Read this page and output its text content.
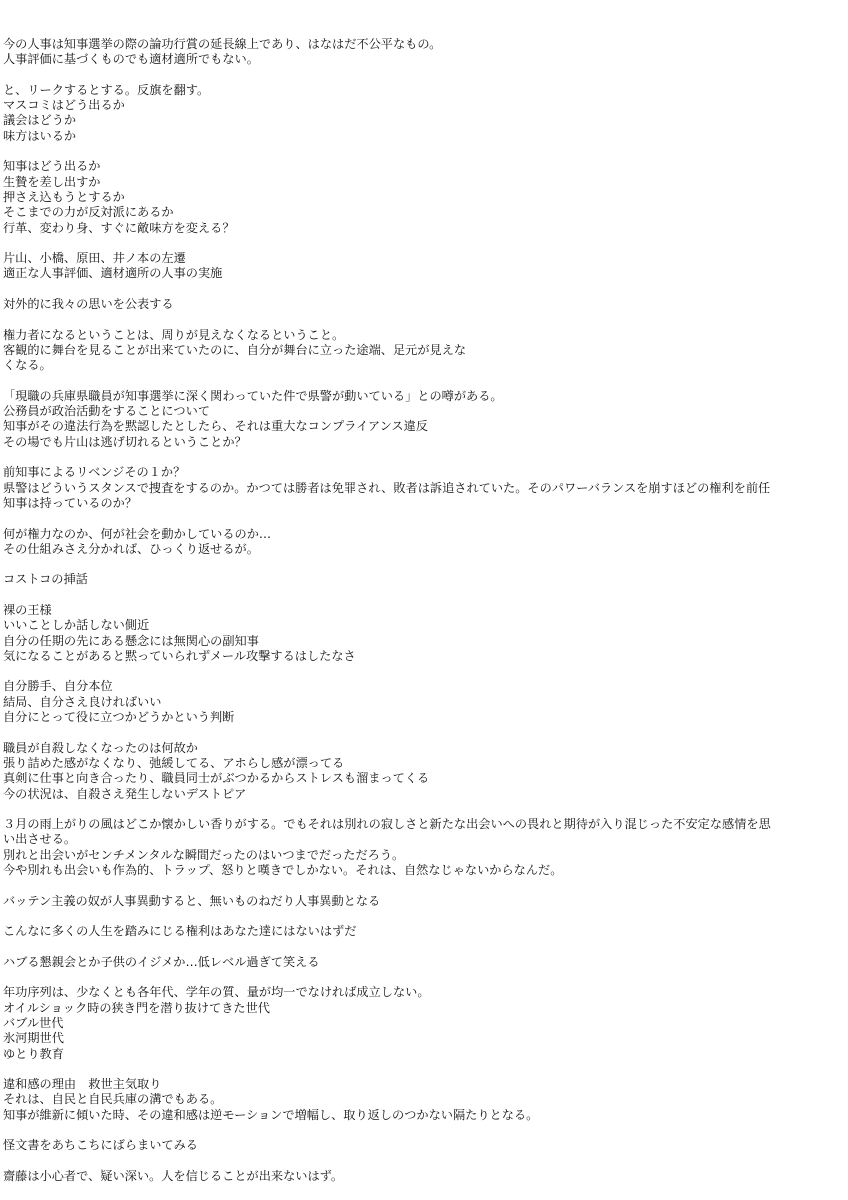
今の人事は知事選挙の際の論功行賞の延長線上であり、はなはだ不公平なもの。
人事評価に基づくものでも適材適所でもない。
と、リークするとする。反旗を翻す。
マスコミはどう出るか
議会はどうか
味方はいるか
知事はどう出るか
生贄を差し出すか
押さえ込もうとするか
そこまでの力が反対派にあるか
行革、変わり身、すぐに敵味方を変える？
片山、小橋、原田、井ノ本の左遷
適正な人事評価、適材適所の人事の実施
対外的に我々の思いを公表する
権力者になるということは、周りが見えなくなるということ。
客観的に舞台を見ることが出来ていたのに、自分が舞台に立った途端、足元が見えな
くなる。
「現職の兵庫県職員が知事選挙に深く関わっていた件で県警が動いている」との噂がある。
公務員が政治活動をすることについて
知事がその違法行為を黙認したとしたら、それは重大なコンプライアンス違反
その場でも片山は逃げ切れるということか？
前知事によるリベンジその１か？
県警はどういうスタンスで捜査をするのか。かつては勝者は免罪され、敗者は訴追されていた。そのパワーバランスを崩すほどの権利を前任
知事は持っているのか？
何が権力なのか、何が社会を動かしているのか…
その仕組みさえ分かれば、ひっくり返せるが。
コストコの挿話
裸の王様
いいことしか話しない側近
自分の任期の先にある懸念には無関心の副知事
気になることがあると黙っていられずメール攻撃するはしたなさ
自分勝手、自分本位
結局、自分さえ良ければいい
自分にとって役に立つかどうかという判断
職員が自殺しなくなったのは何故か
張り詰めた感がなくなり、弛緩してる、アホらし感が漂ってる
真剣に仕事と向き合ったり、職員同士がぶつかるからストレスも溜まってくる
今の状況は、自殺さえ発生しないデストピア
３月の雨上がりの風はどこか懐かしい香りがする。でもそれは別れの寂しさと新たな出会いへの畏れと期待が入り混じった不安定な感情を思
い出させる。
別れと出会いがセンチメンタルな瞬間だったのはいつまでだっただろう。
今や別れも出会いも作為的、トラップ、怒りと嘆きでしかない。それは、自然なじゃないからなんだ。
バッテン主義の奴が人事異動すると、無いものねだり人事異動となる
こんなに多くの人生を踏みにじる権利はあなた達にはないはずだ
ハブる懇親会とか子供のイジメか…低レベル過ぎて笑える
年功序列は、少なくとも各年代、学年の質、量が均一でなければ成立しない。
オイルショック時の狭き門を潜り抜けてきた世代
バブル世代
氷河期世代
ゆとり教育
違和感の理由　救世主気取り
それは、自民と自民兵庫の溝でもある。
知事が維新に傾いた時、その違和感は逆モーションで増幅し、取り返しのつかない隔たりとなる。
怪文書をあちこちにばらまいてみる
齋藤は小心者で、疑い深い。人を信じることが出来ないはず。
